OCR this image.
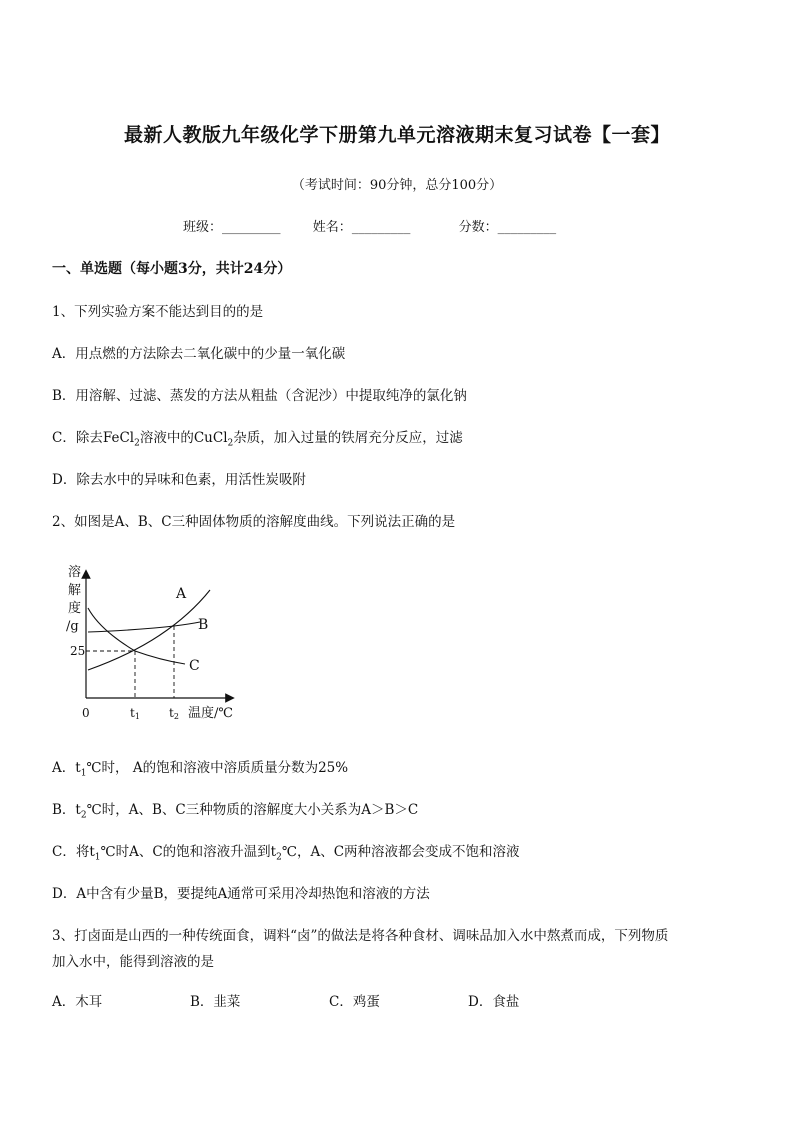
最新人教版九年级化学下册第九单元溶液期末复习试卷【一套】
（考试时间：90分钟，总分100分）
班级：_________ 姓名：_________	分数：_________
一、单选题（每小题3分，共计24分）
1、下列实验方案不能达到目的的是
A．用点燃的方法除去二氧化碳中的少量一氧化碳
B．用溶解、过滤、蒸发的方法从粗盐（含泥沙）中提取纯净的氯化钠
C．除去FeCl$_2$溶液中的CuCl$_2$杂质，加入过量的铁屑充分反应，过滤
D．除去水中的异味和色素，用活性炭吸附
2、如图是A、B、C三种固体物质的溶解度曲线。下列说法正确的是
溶
解
度
/g
25
A
B
C
0	t1 t2 温度/℃
A．$t_1℃$时， A的饱和溶液中溶质质量分数为25%
B．$t_2℃$时，A、B、C三种物质的溶解度大小关系为A＞B＞C
C．将$t_1℃$时A、C的饱和溶液升温到$t_2℃$，A、C两种溶液都会变成不饱和溶液
D．A中含有少量B，要提纯A通常可采用冷却热饱和溶液的方法
3、打卤面是山西的一种传统面食，调料“卤”的做法是将各种食材、调味品加入水中熬煮而成，下列物质
加入水中，能得到溶液的是
A．木耳	B．韭菜	C．鸡蛋	D．食盐
